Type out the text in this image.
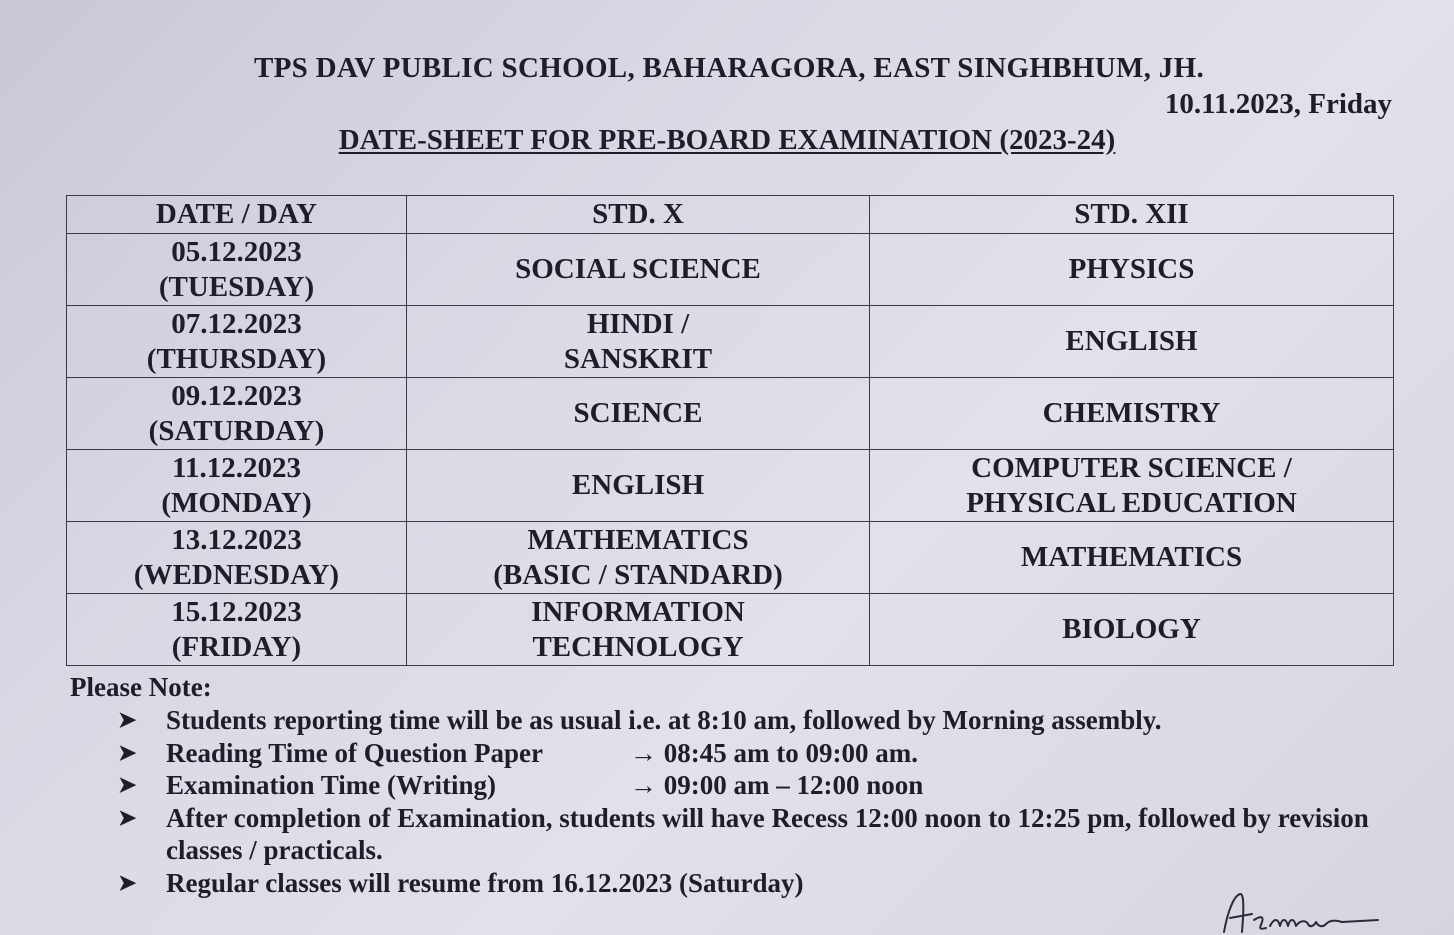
TPS DAV PUBLIC SCHOOL, BAHARAGORA, EAST SINGHBHUM, JH.
10.11.2023, Friday
DATE-SHEET FOR PRE-BOARD EXAMINATION (2023-24)
DATE / DAY	STD. X	STD. XII

05.12.2023
(TUESDAY)	SOCIAL SCIENCE	PHYSICS

07.12.2023
(THURSDAY)	HINDI /
SANSKRIT	ENGLISH

09.12.2023
(SATURDAY)	SCIENCE	CHEMISTRY

11.12.2023
(MONDAY)	ENGLISH	COMPUTER SCIENCE /
PHYSICAL EDUCATION

13.12.2023
(WEDNESDAY)	MATHEMATICS
(BASIC / STANDARD)	MATHEMATICS

15.12.2023
(FRIDAY)	INFORMATION
TECHNOLOGY	BIOLOGY
Please Note:
➤ Students reporting time will be as usual i.e. at 8:10 am, followed by Morning assembly.
➤ Reading Time of Question Paper	→ 08:45 am to 09:00 am.
➤ Examination Time (Writing)	→ 09:00 am – 12:00 noon
➤ After completion of Examination, students will have Recess 12:00 noon to 12:25 pm, followed by revision classes / practicals.
➤ Regular classes will resume from 16.12.2023 (Saturday)
